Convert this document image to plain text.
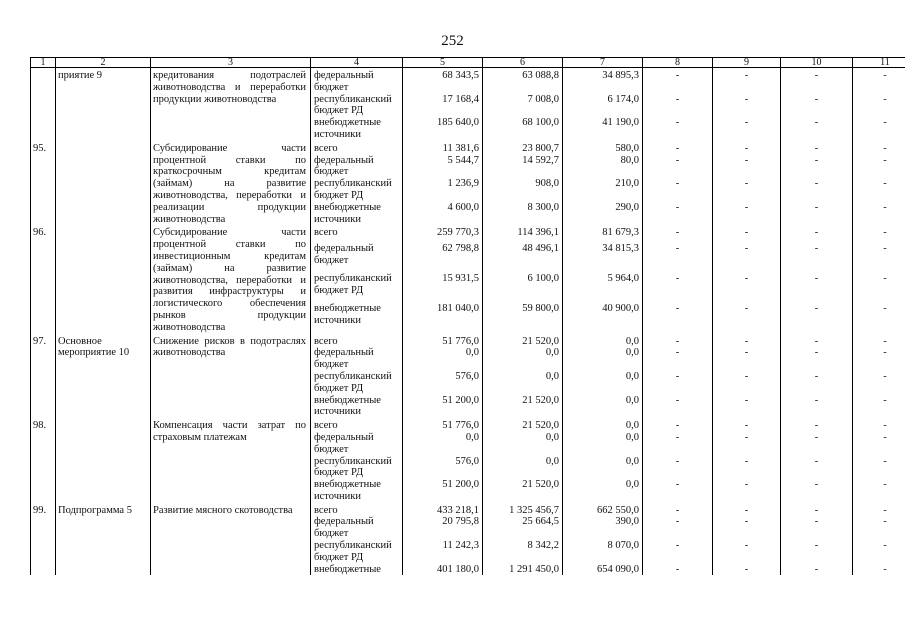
252
1	2	3	4	5	6	7	8	9	10	11
	приятие 9	кредитования подотраслей животноводства и переработки продукции животноводства	федеральный бюджет	68 343,5	63 088,8	34 895,3	-	-	-	-
			республиканский бюджет РД	17 168,4	7 008,0	6 174,0	-	-	-	-
			внебюджетные источники	185 640,0	68 100,0	41 190,0	-	-	-	-
95.		Субсидирование части процентной ставки по краткосрочным кредитам (займам) на развитие животноводства, переработки и реализации продукции животноводства	всего	11 381,6	23 800,7	580,0	-	-	-	-
			федеральный бюджет	5 544,7	14 592,7	80,0	-	-	-	-
			республиканский бюджет РД	1 236,9	908,0	210,0	-	-	-	-
			внебюджетные источники	4 600,0	8 300,0	290,0	-	-	-	-
96.		Субсидирование части процентной ставки по инвестиционным кредитам (займам) на развитие животноводства, переработки и развития инфраструктуры и логистического обеспечения рынков продукции животноводства	всего	259 770,3	114 396,1	81 679,3	-	-	-	-
			федеральный бюджет	62 798,8	48 496,1	34 815,3	-	-	-	-
			республиканский бюджет РД	15 931,5	6 100,0	5 964,0	-	-	-	-
			внебюджетные источники	181 040,0	59 800,0	40 900,0	-	-	-	-
97.	Основное мероприятие 10	Снижение рисков в подотраслях животноводства	всего	51 776,0	21 520,0	0,0	-	-	-	-
			федеральный бюджет	0,0	0,0	0,0	-	-	-	-
			республиканский бюджет РД	576,0	0,0	0,0	-	-	-	-
			внебюджетные источники	51 200,0	21 520,0	0,0	-	-	-	-
98.		Компенсация части затрат по страховым платежам	всего	51 776,0	21 520,0	0,0	-	-	-	-
			федеральный бюджет	0,0	0,0	0,0	-	-	-	-
			республиканский бюджет РД	576,0	0,0	0,0	-	-	-	-
			внебюджетные источники	51 200,0	21 520,0	0,0	-	-	-	-
99.	Подпрограмма 5	Развитие мясного скотоводства	всего	433 218,1	1 325 456,7	662 550,0	-	-	-	-
			федеральный бюджет	20 795,8	25 664,5	390,0	-	-	-	-
			республиканский бюджет РД	11 242,3	8 342,2	8 070,0	-	-	-	-
			внебюджетные	401 180,0	1 291 450,0	654 090,0	-	-	-	-
